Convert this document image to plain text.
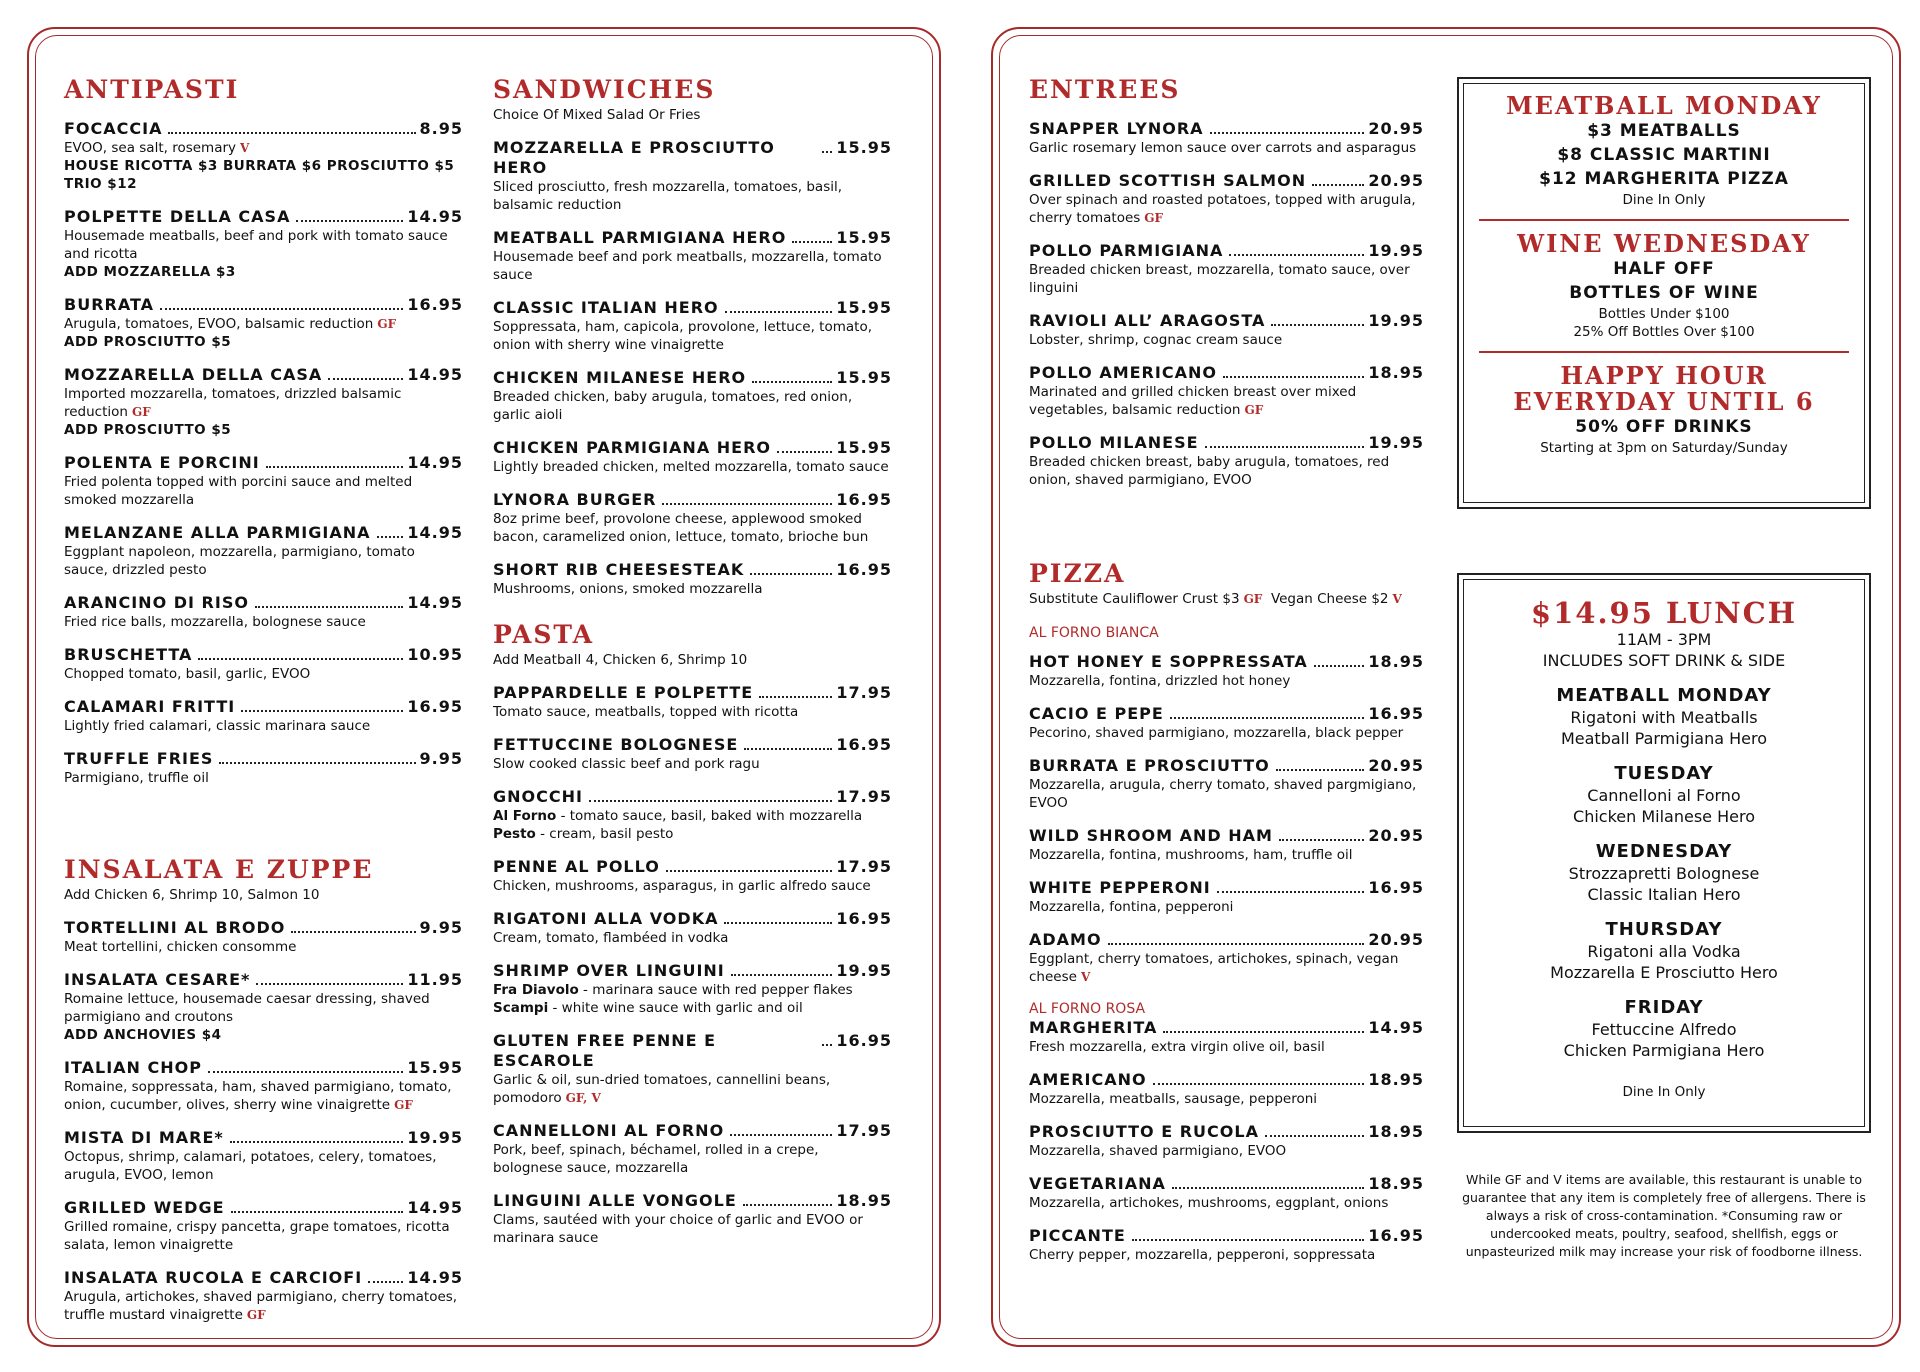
ANTIPASTI
FOCACCIA	8.95
EVOO, sea salt, rosemary V
HOUSE RICOTTA $3 BURRATA $6 PROSCIUTTO $5
TRIO $12
POLPETTE DELLA CASA	14.95
Housemade meatballs, beef and pork with tomato sauce and ricotta
ADD MOZZARELLA $3
BURRATA	16.95
Arugula, tomatoes, EVOO, balsamic reduction GF
ADD PROSCIUTTO $5
MOZZARELLA DELLA CASA	14.95
Imported mozzarella, tomatoes, drizzled balsamic reduction GF
ADD PROSCIUTTO $5
POLENTA E PORCINI	14.95
Fried polenta topped with porcini sauce and melted smoked mozzarella
MELANZANE ALLA PARMIGIANA 14.95
Eggplant napoleon, mozzarella, parmigiano, tomato sauce, drizzled pesto
ARANCINO DI RISO	14.95
Fried rice balls, mozzarella, bolognese sauce
BRUSCHETTA	10.95
Chopped tomato, basil, garlic, EVOO
CALAMARI FRITTI	16.95
Lightly fried calamari, classic marinara sauce
TRUFFLE FRIES	9.95
Parmigiano, truffle oil
INSALATA E ZUPPE
Add Chicken 6, Shrimp 10, Salmon 10
TORTELLINI AL BRODO	9.95
Meat tortellini, chicken consomme
INSALATA CESARE*	11.95
Romaine lettuce, housemade caesar dressing, shaved parmigiano and croutons
ADD ANCHOVIES $4
ITALIAN CHOP	15.95
Romaine, soppressata, ham, shaved parmigiano, tomato, onion, cucumber, olives, sherry wine vinaigrette GF
MISTA DI MARE*	19.95
Octopus, shrimp, calamari, potatoes, celery, tomatoes, arugula, EVOO, lemon
GRILLED WEDGE	14.95
Grilled romaine, crispy pancetta, grape tomatoes, ricotta salata, lemon vinaigrette
INSALATA RUCOLA E CARCIOFI	14.95
Arugula, artichokes, shaved parmigiano, cherry tomatoes, truffle mustard vinaigrette GF
SANDWICHES
Choice Of Mixed Salad Or Fries
MOZZARELLA E PROSCIUTTO HERO
15.95
Sliced prosciutto, fresh mozzarella, tomatoes, basil, balsamic reduction
MEATBALL PARMIGIANA HERO	15.95
Housemade beef and pork meatballs, mozzarella, tomato sauce
CLASSIC ITALIAN HERO	15.95
Soppressata, ham, capicola, provolone, lettuce, tomato, onion with sherry wine vinaigrette
CHICKEN MILANESE HERO	15.95
Breaded chicken, baby arugula, tomatoes, red onion, garlic aioli
CHICKEN PARMIGIANA HERO	15.95
Lightly breaded chicken, melted mozzarella, tomato sauce
LYNORA BURGER	16.95
8oz prime beef, provolone cheese, applewood smoked bacon, caramelized onion, lettuce, tomato, brioche bun
SHORT RIB CHEESESTEAK	16.95
Mushrooms, onions, smoked mozzarella
PASTA
Add Meatball 4, Chicken 6, Shrimp 10
PAPPARDELLE E POLPETTE	17.95
Tomato sauce, meatballs, topped with ricotta
FETTUCCINE BOLOGNESE	16.95
Slow cooked classic beef and pork ragu
GNOCCHI	17.95
Al Forno - tomato sauce, basil, baked with mozzarella
Pesto - cream, basil pesto
PENNE AL POLLO	17.95
Chicken, mushrooms, asparagus, in garlic alfredo sauce
RIGATONI ALLA VODKA	16.95
Cream, tomato, flambéed in vodka
SHRIMP OVER LINGUINI	19.95
Fra Diavolo - marinara sauce with red pepper flakes
Scampi - white wine sauce with garlic and oil
GLUTEN FREE PENNE E ESCAROLE
16.95
Garlic & oil, sun-dried tomatoes, cannellini beans, pomodoro GF, V
CANNELLONI AL FORNO	17.95
Pork, beef, spinach, béchamel, rolled in a crepe, bolognese sauce, mozzarella
LINGUINI ALLE VONGOLE	18.95
Clams, sautéed with your choice of garlic and EVOO or marinara sauce
ENTREES
SNAPPER LYNORA	20.95
Garlic rosemary lemon sauce over carrots and asparagus
GRILLED SCOTTISH SALMON	20.95
Over spinach and roasted potatoes, topped with arugula, cherry tomatoes GF
POLLO PARMIGIANA	19.95
Breaded chicken breast, mozzarella, tomato sauce, over linguini
RAVIOLI ALL’ ARAGOSTA	19.95
Lobster, shrimp, cognac cream sauce
POLLO AMERICANO	18.95
Marinated and grilled chicken breast over mixed vegetables, balsamic reduction GF
POLLO MILANESE	19.95
Breaded chicken breast, baby arugula, tomatoes, red onion, shaved parmigiano, EVOO
PIZZA
Substitute Cauliflower Crust $3 GF Vegan Cheese $2 V
AL FORNO BIANCA
HOT HONEY E SOPPRESSATA	18.95
Mozzarella, fontina, drizzled hot honey
CACIO E PEPE	16.95
Pecorino, shaved parmigiano, mozzarella, black pepper
BURRATA E PROSCIUTTO	20.95
Mozzarella, arugula, cherry tomato, shaved pargmigiano, EVOO
WILD SHROOM AND HAM	20.95
Mozzarella, fontina, mushrooms, ham, truffle oil
WHITE PEPPERONI	16.95
Mozzarella, fontina, pepperoni
ADAMO	20.95
Eggplant, cherry tomatoes, artichokes, spinach, vegan cheese V
AL FORNO ROSA
MARGHERITA	14.95
Fresh mozzarella, extra virgin olive oil, basil
AMERICANO	18.95
Mozzarella, meatballs, sausage, pepperoni
PROSCIUTTO E RUCOLA	18.95
Mozzarella, shaved parmigiano, EVOO
VEGETARIANA	18.95
Mozzarella, artichokes, mushrooms, eggplant, onions
PICCANTE	16.95
Cherry pepper, mozzarella, pepperoni, soppressata
MEATBALL MONDAY
$3 MEATBALLS
$8 CLASSIC MARTINI
$12 MARGHERITA PIZZA
Dine In Only
WINE WEDNESDAY
HALF OFF
BOTTLES OF WINE
Bottles Under $100
25% Off Bottles Over $100
HAPPY HOUR
EVERYDAY UNTIL 6
50% OFF DRINKS
Starting at 3pm on Saturday/Sunday
$14.95 LUNCH
11AM - 3PM
INCLUDES SOFT DRINK & SIDE
MEATBALL MONDAY
Rigatoni with Meatballs
Meatball Parmigiana Hero
TUESDAY
Cannelloni al Forno
Chicken Milanese Hero
WEDNESDAY
Strozzapretti Bolognese
Classic Italian Hero
THURSDAY
Rigatoni alla Vodka
Mozzarella E Prosciutto Hero
FRIDAY
Fettuccine Alfredo
Chicken Parmigiana Hero
Dine In Only
While GF and V items are available, this restaurant is unable to guarantee that any item is completely free of allergens. There is always a risk of cross-contamination. *Consuming raw or undercooked meats, poultry, seafood, shellfish, eggs or unpasteurized milk may increase your risk of foodborne illness.
